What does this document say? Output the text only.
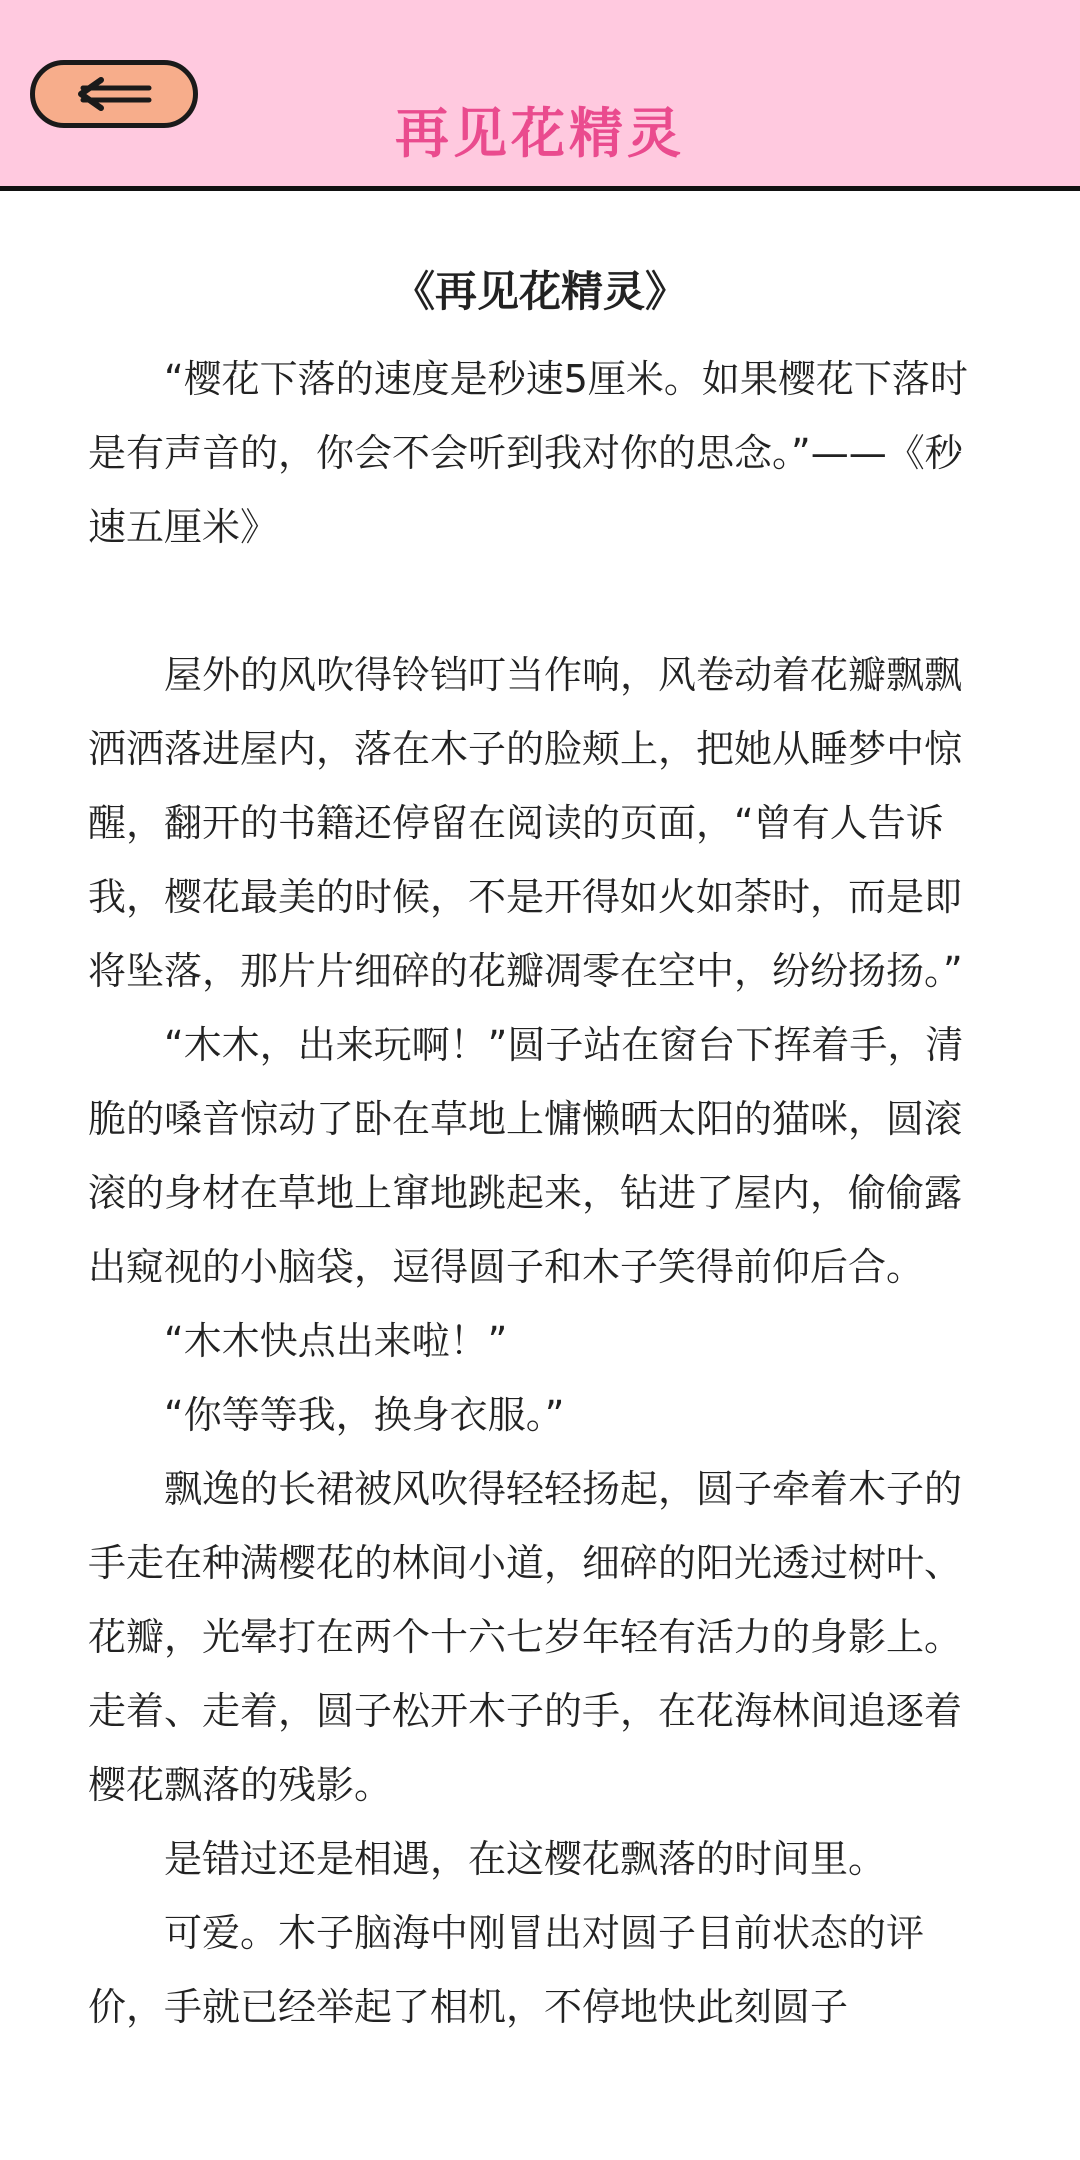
再见花精灵
《再见花精灵》

“樱花下落的速度是秒速5厘米。如果樱花下落时是有声音的，你会不会听到我对你的思念。”——《秒速五厘米》

屋外的风吹得铃铛叮当作响，风卷动着花瓣飘飘洒洒落进屋内，落在木子的脸颊上，把她从睡梦中惊醒，翻开的书籍还停留在阅读的页面，“曾有人告诉我，樱花最美的时候，不是开得如火如荼时，而是即将坠落，那片片细碎的花瓣凋零在空中，纷纷扬扬。”

“木木，出来玩啊！”圆子站在窗台下挥着手，清脆的嗓音惊动了卧在草地上慵懒晒太阳的猫咪，圆滚滚的身材在草地上窜地跳起来，钻进了屋内，偷偷露出窥视的小脑袋，逗得圆子和木子笑得前仰后合。

“木木快点出来啦！”

“你等等我，换身衣服。”

飘逸的长裙被风吹得轻轻扬起，圆子牵着木子的手走在种满樱花的林间小道，细碎的阳光透过树叶、花瓣，光晕打在两个十六七岁年轻有活力的身影上。走着、走着，圆子松开木子的手，在花海林间追逐着樱花飘落的残影。

是错过还是相遇，在这樱花飘落的时间里。

可爱。木子脑海中刚冒出对圆子目前状态的评价，手就已经举起了相机，不停地快此刻圆子
